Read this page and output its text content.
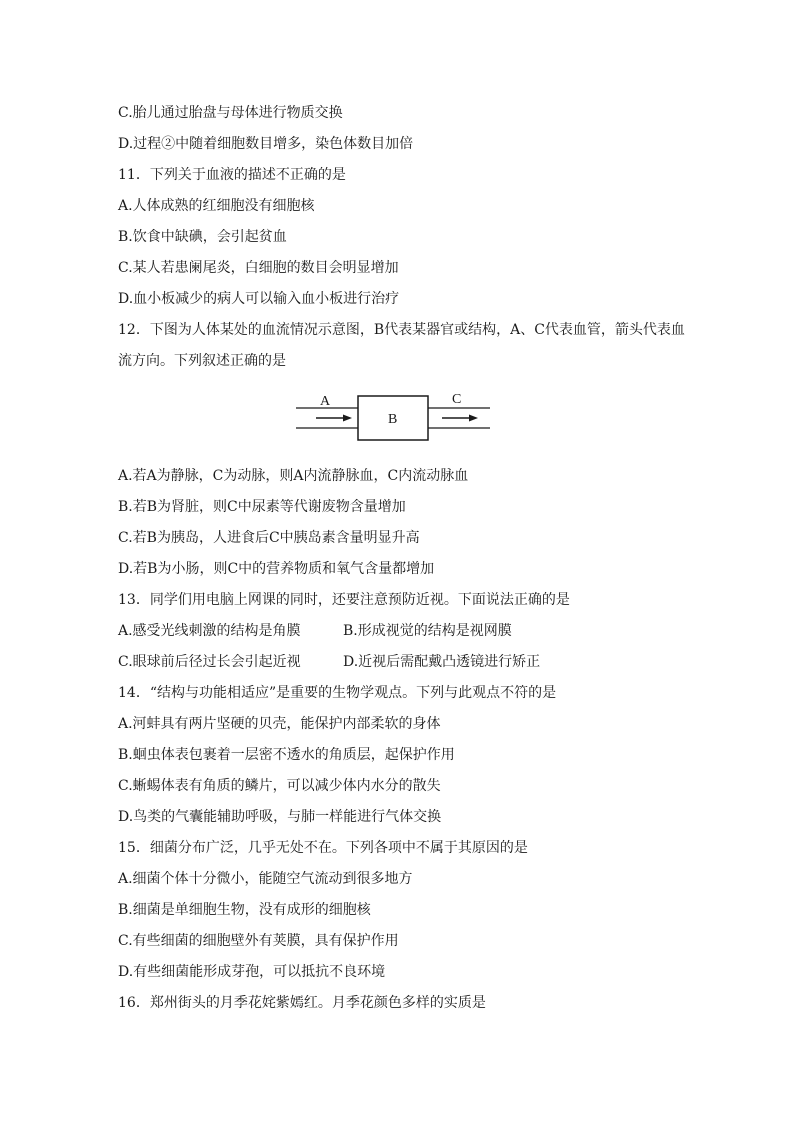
C.胎儿通过胎盘与母体进行物质交换
D.过程②中随着细胞数目增多，染色体数目加倍
11．下列关于血液的描述不正确的是
A.人体成熟的红细胞没有细胞核
B.饮食中缺碘，会引起贫血
C.某人若患阑尾炎，白细胞的数目会明显增加
D.血小板减少的病人可以输入血小板进行治疗
12．下图为人体某处的血流情况示意图，B代表某器官或结构，A、C代表血管，箭头代表血
流方向。下列叙述正确的是
A
B
C
A.若A为静脉，C为动脉，则A内流静脉血，C内流动脉血
B.若B为肾脏，则C中尿素等代谢废物含量增加
C.若B为胰岛，人进食后C中胰岛素含量明显升高
D.若B为小肠，则C中的营养物质和氧气含量都增加
13．同学们用电脑上网课的同时，还要注意预防近视。下面说法正确的是
A.感受光线刺激的结构是角膜	B.形成视觉的结构是视网膜
C.眼球前后径过长会引起近视	D.近视后需配戴凸透镜进行矫正
14．“结构与功能相适应”是重要的生物学观点。下列与此观点不符的是
A.河蚌具有两片坚硬的贝壳，能保护内部柔软的身体
B.蛔虫体表包裹着一层密不透水的角质层，起保护作用
C.蜥蜴体表有角质的鳞片，可以减少体内水分的散失
D.鸟类的气囊能辅助呼吸，与肺一样能进行气体交换
15．细菌分布广泛，几乎无处不在。下列各项中不属于其原因的是
A.细菌个体十分微小，能随空气流动到很多地方
B.细菌是单细胞生物，没有成形的细胞核
C.有些细菌的细胞壁外有荚膜，具有保护作用
D.有些细菌能形成芽孢，可以抵抗不良环境
16．郑州街头的月季花姹紫嫣红。月季花颜色多样的实质是
